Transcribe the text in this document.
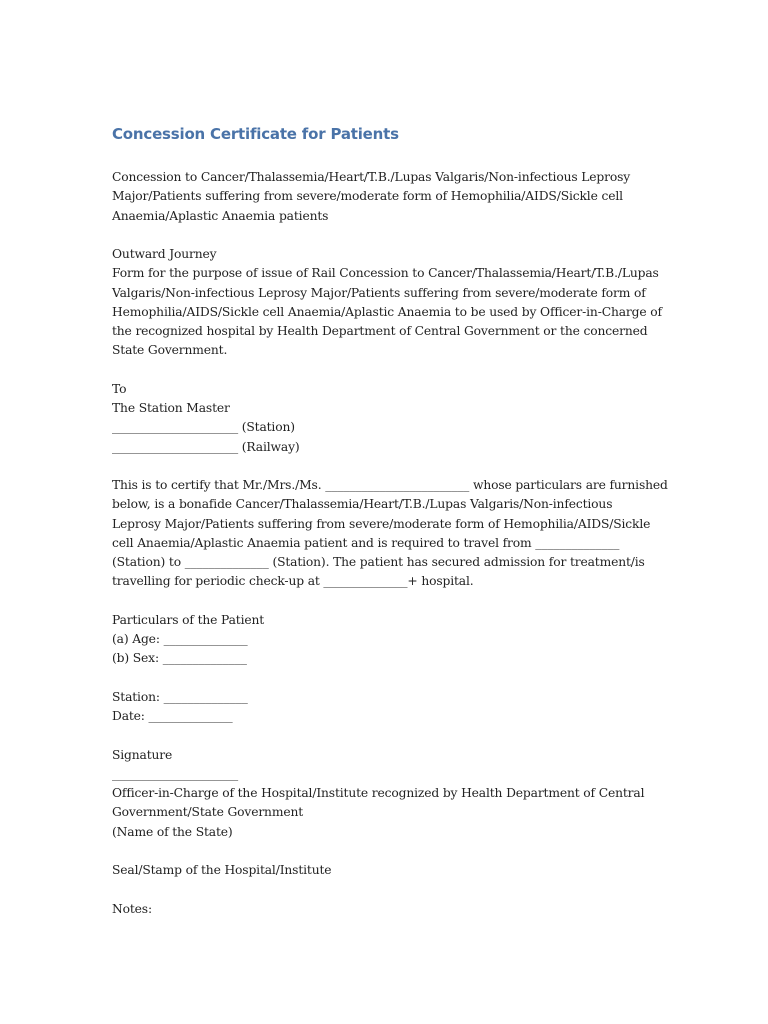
Concession Certificate for Patients
Concession to Cancer/Thalassemia/Heart/T.B./Lupas Valgaris/Non-infectious Leprosy
Major/Patients suffering from severe/moderate form of Hemophilia/AIDS/Sickle cell
Anaemia/Aplastic Anaemia patients
Outward Journey
Form for the purpose of issue of Rail Concession to Cancer/Thalassemia/Heart/T.B./Lupas
Valgaris/Non-infectious Leprosy Major/Patients suffering from severe/moderate form of
Hemophilia/AIDS/Sickle cell Anaemia/Aplastic Anaemia to be used by Officer-in-Charge of
the recognized hospital by Health Department of Central Government or the concerned
State Government.
To
The Station Master
_____________________ (Station)
_____________________ (Railway)
This is to certify that Mr./Mrs./Ms. ________________________ whose particulars are furnished
below, is a bonafide Cancer/Thalassemia/Heart/T.B./Lupas Valgaris/Non-infectious
Leprosy Major/Patients suffering from severe/moderate form of Hemophilia/AIDS/Sickle
cell Anaemia/Aplastic Anaemia patient and is required to travel from ______________
(Station) to ______________ (Station). The patient has secured admission for treatment/is
travelling for periodic check-up at ______________+ hospital.
Particulars of the Patient
(a) Age: ______________
(b) Sex: ______________
Station: ______________
Date: ______________
Signature
_____________________
Officer-in-Charge of the Hospital/Institute recognized by Health Department of Central
Government/State Government
(Name of the State)
Seal/Stamp of the Hospital/Institute
Notes:
